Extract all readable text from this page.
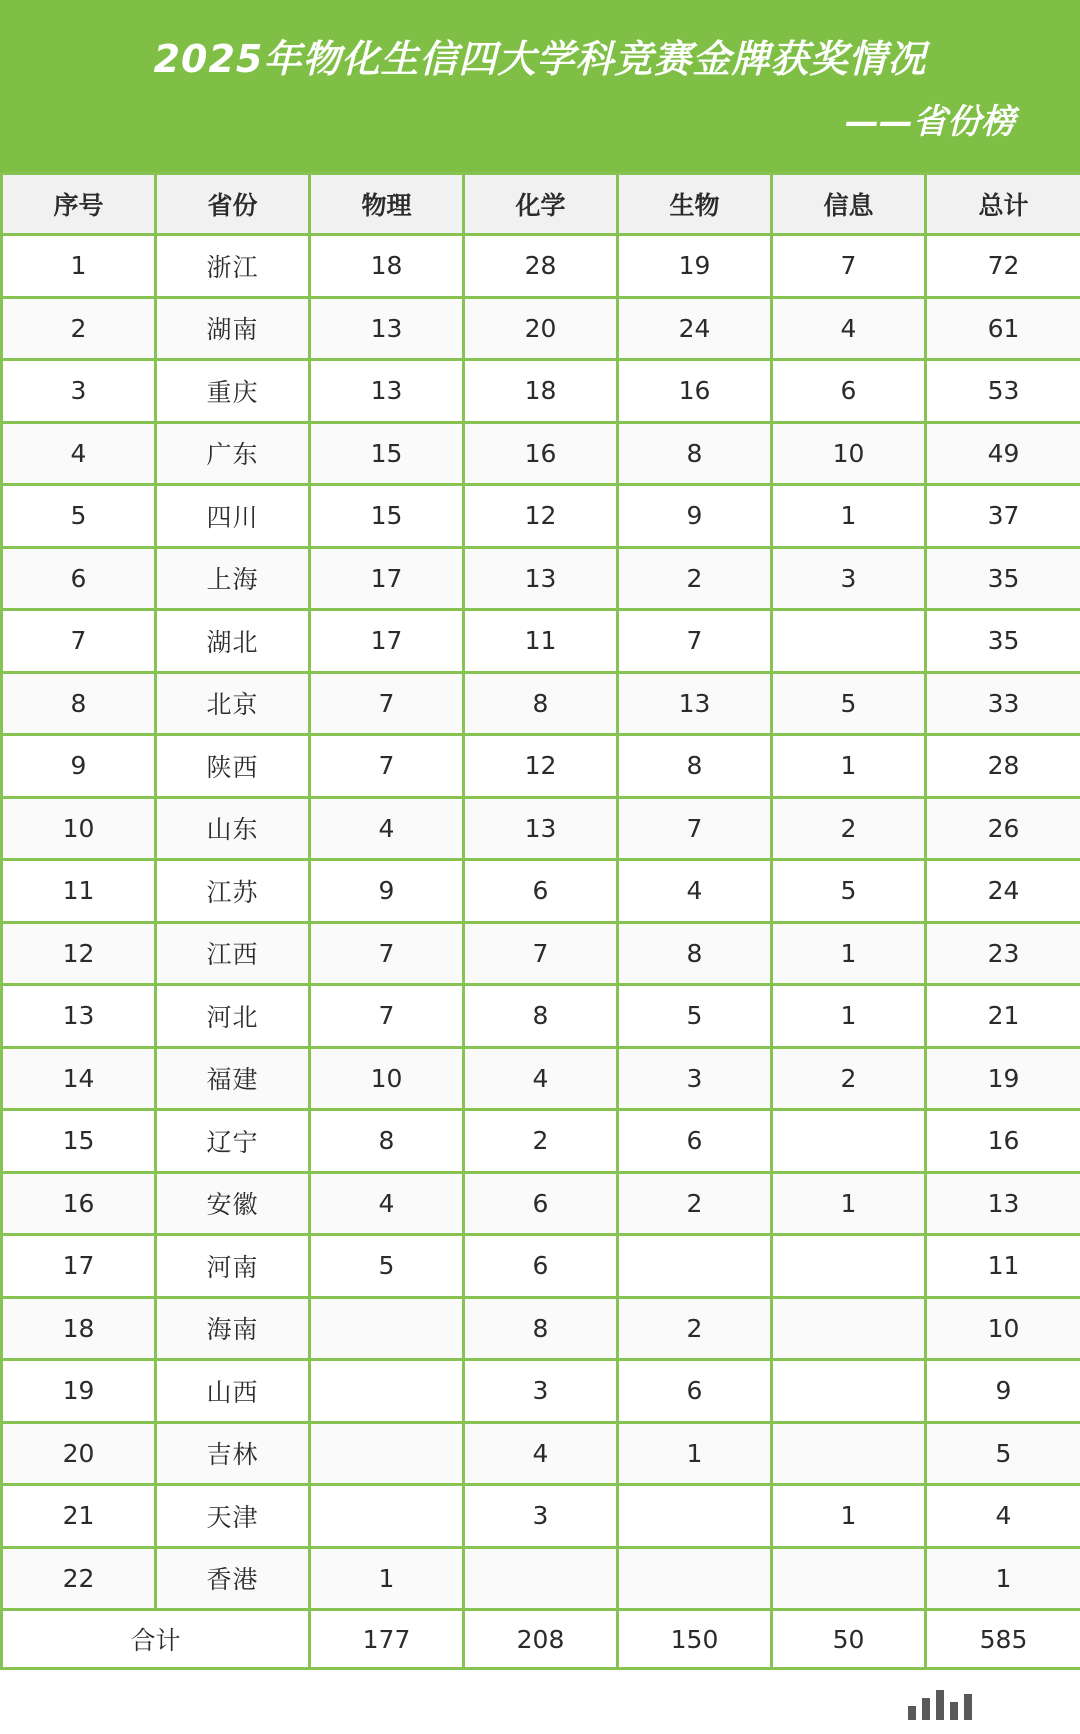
2025年物化生信四大学科竞赛金牌获奖情况
——省份榜
序号	省份	物理	化学	生物	信息	总计
1	浙江	18	28	19	7	72
2	湖南	13	20	24	4	61
3	重庆	13	18	16	6	53
4	广东	15	16	8	10	49
5	四川	15	12	9	1	37
6	上海	17	13	2	3	35
7	湖北	17	11	7		35
8	北京	7	8	13	5	33
9	陕西	7	12	8	1	28
10	山东	4	13	7	2	26
11	江苏	9	6	4	5	24
12	江西	7	7	8	1	23
13	河北	7	8	5	1	21
14	福建	10	4	3	2	19
15	辽宁	8	2	6		16
16	安徽	4	6	2	1	13
17	河南	5	6			11
18	海南		8	2		10
19	山西		3	6		9
20	吉林		4	1		5
21	天津		3		1	4
22	香港	1				1
合计		177	208	150	50	585
